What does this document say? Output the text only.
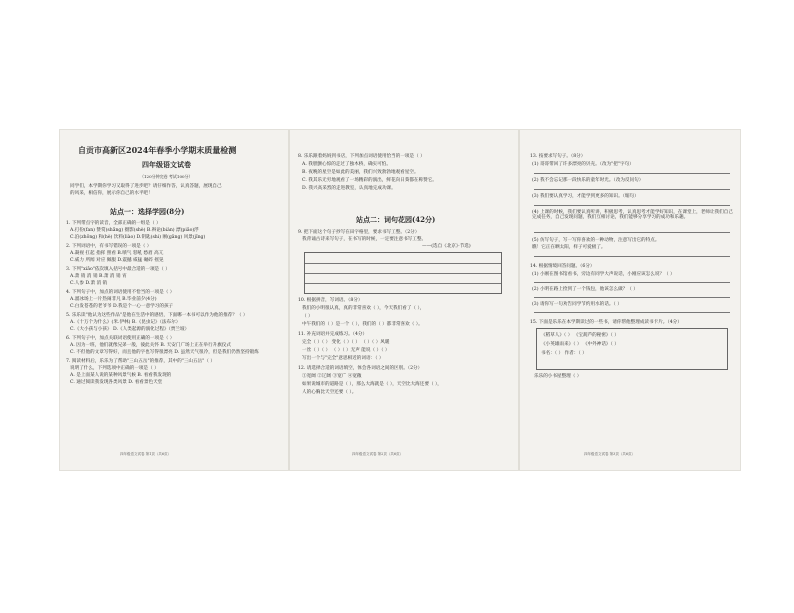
自贡市高新区2024年春季小学期末质量检测
四年级语文试卷
（120分钟完卷 考试100分）
同学们，本学期你学习又取得了进步吧？请仔细作答，认真答题，展现自己
的风采，相信你，展示你自己的水平吧！
站点一：选择学园(8分)
1. 下列带点字的读音，全部正确的一组是（ ）
A.打扮(fan) 赞赏(shǎng) 摄影(shè) B.辩论(biàn) 漂(piāo)浮
C.泊(zhōng) 和(hè) 饮料(liào) D.钥匙(shi) 刚(gāng) 风景(jǐng)
2. 下列词语中，有书写错误的一项是（ ）
A.凝视 扛起 指挥 照看 B.喷气 怒吼 愁眉 高亢
C.威力 所闻 对应 佩服 D.震撼 威猛 碾碎 摇晃
3. 下列"xiāo"依次填入括号中最合适的一项是（ ）
A.萧 销 消 销 B.萧 消 销 宵
C.人参 D.萧 消 销
4. 下列句子中，加点的词语使用不恰当的一项是（ ）
A.溜冰场上一片热闹非凡 B.毕业前夕(4分)
C.白发苍苍的老爷爷 D.我是个一心一意学习的孩子
5. 乐乐读"他认为这些作品"是他在生活中的感悟，下面哪一本书可以作为他的推荐？（ ）
A.《十万个为什么》(米.伊林) B.《昆虫记》（法布尔）
C.《大小孩与小孩》 D.《人类起源的演化过程》（贾兰坡）
6. 下列句子中，加点关联词语使用正确的一项是（ ）
A. 因为一班，他们就像兄弟一般，彼此关怀 B. 天安门广场上正在举行升旗仪式
C. 不但他的文章写得好，而且他的字也写得很漂亮 D. 虽然天气很冷，但是我们仍然坚持锻炼
7. 阅读材料后，乐乐为了帮助"三山五岳"的推荐，其中的"三山五岳"（ ）
说明了什么，下列选项中正确的一项是（ ）
A. 是上面某人说的某种风景气候 B. 看看我发现的
C. 通过阅读我发现各类风景 D. 看看景色天堂
四年级语文试卷 第1页（共6页）
8. 乐乐跟着妈妈到书店，下列加点词语使用恰当的一项是（ ）
A. 我胆颤心惊的走过了独木桥，确实可怕。
B. 夜晚的星空是如此的美丽，我们兴致勃勃地观看星空。
C. 我其乐无穷地观看了一场精彩的演出，鲜花向日葵都在称赞它。
D. 我兴高采烈的走进教室，认真地完成功课。
站点二：词句花园(42分)
9. 把下面这个句子抄写在田字格里，要求书写工整。（2分）
我背诵古诗来写句子，在书写的时候，一定要注意书写工整。
——(选自《北京》·节选)
10. 根据拼音，写词语。（8分）
我们的小明很认真，真的非常喜欢（ ），今天我们看了（ ），
（ ）
中午我们的（ ）是一个（ ），我们的（ ）都非常喜欢（ ）。
11. 补充词语并完成练习。（4分）
完全（ ）（ ） 变化（ ）（ ） （ ）（ ）风暖
一丝（ ）（ ） （ ）（ ）无声 能说（ ）（ ）
写出一个与"完全"意思相近的词语：（ ）
12. 请选择合适的词语填空，体会各词语之间的区别。（2分）
①宽阔 ②辽阔 ③宽广 ④宽敞
如果说城市的道路是（ ），那么大海就是（ ），天空比大海还要（ ），
人的心胸比天空还要（ ）。
四年级语文试卷 第2页（共6页）
13. 按要求写句子。（8分）
(1) 哥哥带回了许多漂亮的贝壳。（改为"把"字句）
(2) 我不会忘记那一段快乐的童年时光。（改为反问句）
(3) 我们要认真学习，才能学到更多的知识。（缩句）
(4) 上课的时候，我们要认真听讲，积极思考，认真思考才能学好知识，在课堂上，老师让我们自己完成任务，自己发现问题，我们互相讨论，我们能够分享学习的成功和乐趣。
(5) 仿写句子，写一写你喜欢的一种动物，注意写出它的特点。
瞧！它正在晒太阳，样子可爱极了。
14. 根据情境回答问题。（6分）
(1) 小刚在图书馆看书，旁边有同学大声说话，小刚应该怎么说？（ ）
(2) 小明在路上捡到了一个钱包，他该怎么做？（ ）
(3) 请你写一句劝告同学节约用水的话。（ ）
15. 下面是乐乐在本学期读过的一些书，请你帮他整理成读书卡片。（4分）
《稻草人》（ ） 《宝葫芦的秘密》（ ）
《小英雄雨来》（ ） 《中外神话》（ ）
书名：（ ） 作者：（ ）
乐乐的小书屋整理（ ）
四年级语文试卷 第3页（共6页）
